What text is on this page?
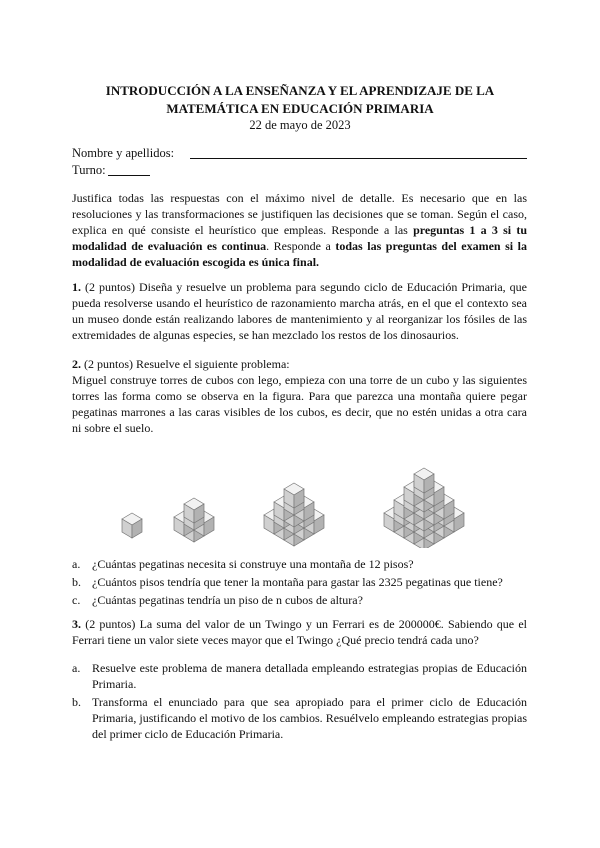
INTRODUCCIÓN A LA ENSEÑANZA Y EL APRENDIZAJE DE LA
MATEMÁTICA EN EDUCACIÓN PRIMARIA
22 de mayo de 2023
Nombre y apellidos:
Turno:
Justifica todas las respuestas con el máximo nivel de detalle. Es necesario que en las resoluciones y las transformaciones se justifiquen las decisiones que se toman. Según el caso, explica en qué consiste el heurístico que empleas. Responde a las preguntas 1 a 3 si tu modalidad de evaluación es continua. Responde a todas las preguntas del examen si la modalidad de evaluación escogida es única final.
1. (2 puntos) Diseña y resuelve un problema para segundo ciclo de Educación Primaria, que pueda resolverse usando el heurístico de razonamiento marcha atrás, en el que el contexto sea un museo donde están realizando labores de mantenimiento y al reorganizar los fósiles de las extremidades de algunas especies, se han mezclado los restos de los dinosaurios.
2. (2 puntos) Resuelve el siguiente problema:
Miguel construye torres de cubos con lego, empieza con una torre de un cubo y las siguientes torres las forma como se observa en la figura. Para que parezca una montaña quiere pegar pegatinas marrones a las caras visibles de los cubos, es decir, que no estén unidas a otra cara ni sobre el suelo.
a. ¿Cuántas pegatinas necesita si construye una montaña de 12 pisos?
b. ¿Cuántos pisos tendría que tener la montaña para gastar las 2325 pegatinas que tiene?
c. ¿Cuántas pegatinas tendría un piso de n cubos de altura?
3. (2 puntos) La suma del valor de un Twingo y un Ferrari es de 200000€. Sabiendo que el Ferrari tiene un valor siete veces mayor que el Twingo ¿Qué precio tendrá cada uno?
a. Resuelve este problema de manera detallada empleando estrategias propias de Educación Primaria.
b. Transforma el enunciado para que sea apropiado para el primer ciclo de Educación Primaria, justificando el motivo de los cambios. Resuélvelo empleando estrategias propias del primer ciclo de Educación Primaria.
